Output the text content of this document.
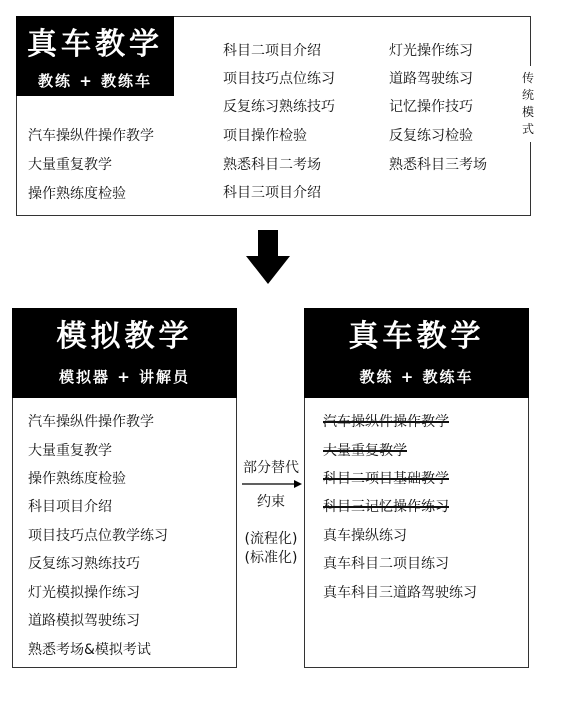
真车教学
教练 + 教练车
汽车操纵件操作教学
大量重复教学
操作熟练度检验
科目二项目介绍
项目技巧点位练习
反复练习熟练技巧
项目操作检验
熟悉科目二考场
科目三项目介绍
灯光操作练习
道路驾驶练习
记忆操作技巧
反复练习检验
熟悉科目三考场
传统模式
模拟教学
模拟器 + 讲解员
汽车操纵件操作教学
大量重复教学
操作熟练度检验
科目项目介绍
项目技巧点位教学练习
反复练习熟练技巧
灯光模拟操作练习
道路模拟驾驶练习
熟悉考场&模拟考试
部分替代
约束
(流程化)
(标准化)
真车教学
教练 + 教练车
汽车操纵件操作教学
大量重复教学
科目二项目基础教学
科目三记忆操作练习
真车操纵练习
真车科目二项目练习
真车科目三道路驾驶练习
